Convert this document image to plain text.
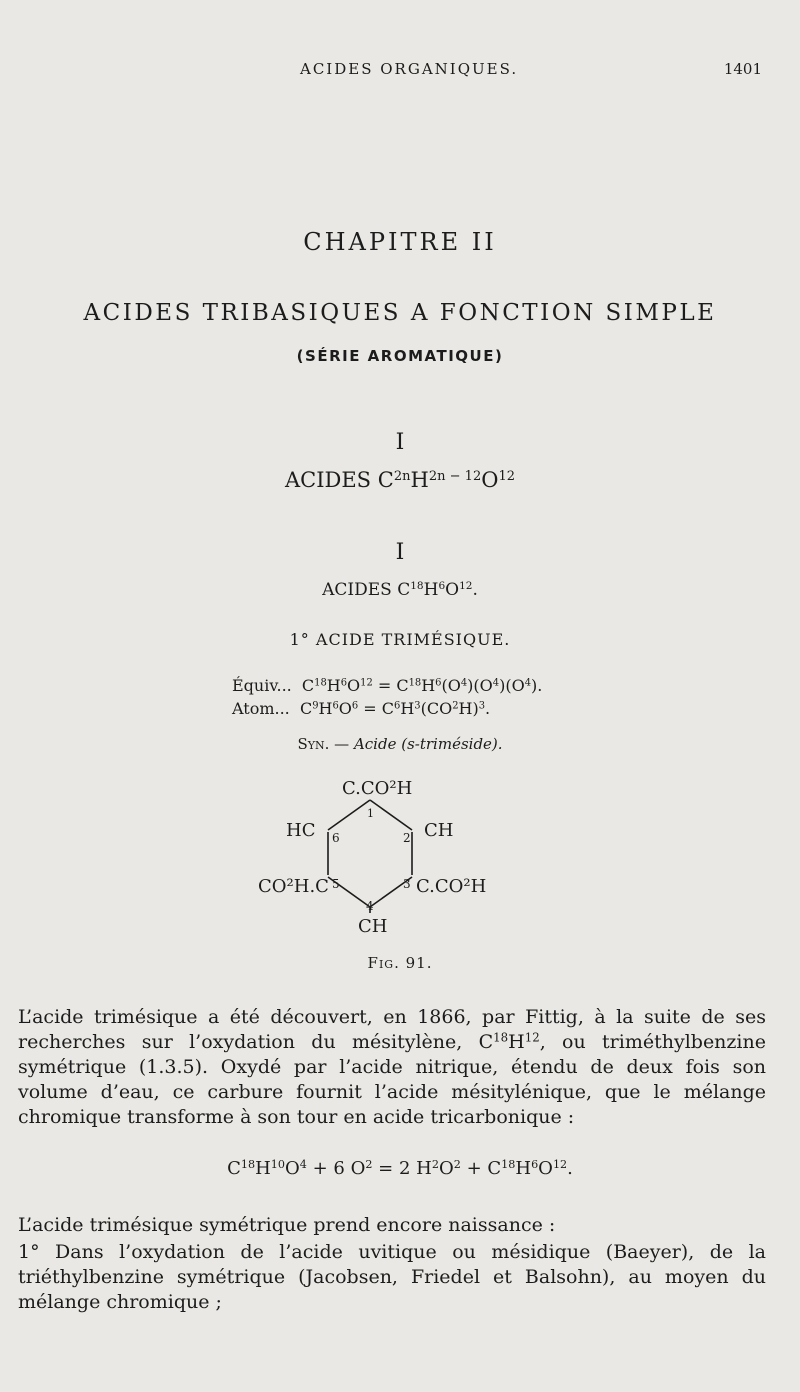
ACIDES ORGANIQUES.	1401
CHAPITRE II
ACIDES TRIBASIQUES A FONCTION SIMPLE
(SÉRIE AROMATIQUE)
I
ACIDES $C^{2n}H^{2n - 12}O^{12}$
I
ACIDES $C^{18}H^6O^{12}$.
1° ACIDE TRIMÉSIQUE.
Équiv... $C^{18}H^6O^{12} = C^{18}H^6(O^4)(O^4)(O^4)$.
Atom... $C^9H^6O^6 = C^6H^3(CO^2H)^3$.
Syn. — Acide (s-triméside).
C.CO²H
HC	CH
CO²H.C	C.CO²H
CH
1
2
3
4
5
6
Fig. 91.
L’acide trimésique a été découvert, en 1866, par Fittig, à la suite de ses recherches sur l’oxydation du mésitylène, $C^{18}H^{12}$, ou triméthylbenzine symétrique (1.3.5). Oxydé par l’acide nitrique, étendu de deux fois son volume d’eau, ce carbure fournit l’acide mésitylénique, que le mélange chromique transforme à son tour en acide tricarbonique :
$C^{18}H^{10}O^4 + 6$ $O^2 = 2$ $H^2O^2 + C^{18}H^6O^{12}$.
L’acide trimésique symétrique prend encore naissance :
1° Dans l’oxydation de l’acide uvitique ou mésidique (Baeyer), de la triéthylbenzine symétrique (Jacobsen, Friedel et Balsohn), au moyen du mélange chromique ;
